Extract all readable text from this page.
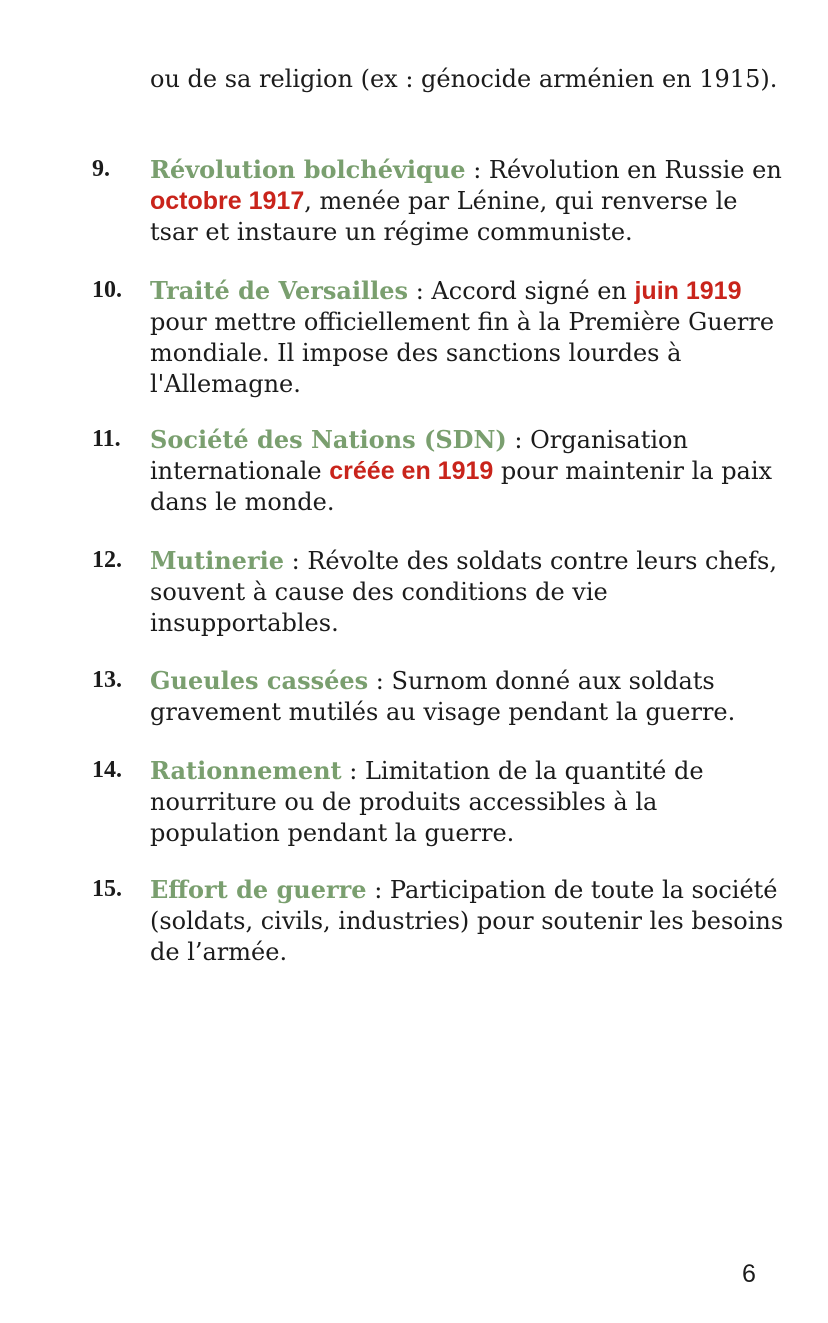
ou de sa religion (ex : génocide arménien en 1915).

9. Révolution bolchévique : Révolution en Russie en octobre 1917, menée par Lénine, qui renverse le tsar et instaure un régime communiste.

10. Traité de Versailles : Accord signé en juin 1919 pour mettre officiellement fin à la Première Guerre mondiale. Il impose des sanctions lourdes à l'Allemagne.

11. Société des Nations (SDN) : Organisation internationale créée en 1919 pour maintenir la paix dans le monde.

12. Mutinerie : Révolte des soldats contre leurs chefs, souvent à cause des conditions de vie insupportables.

13. Gueules cassées : Surnom donné aux soldats gravement mutilés au visage pendant la guerre.

14. Rationnement : Limitation de la quantité de nourriture ou de produits accessibles à la population pendant la guerre.

15. Effort de guerre : Participation de toute la société (soldats, civils, industries) pour soutenir les besoins de l’armée.

6
